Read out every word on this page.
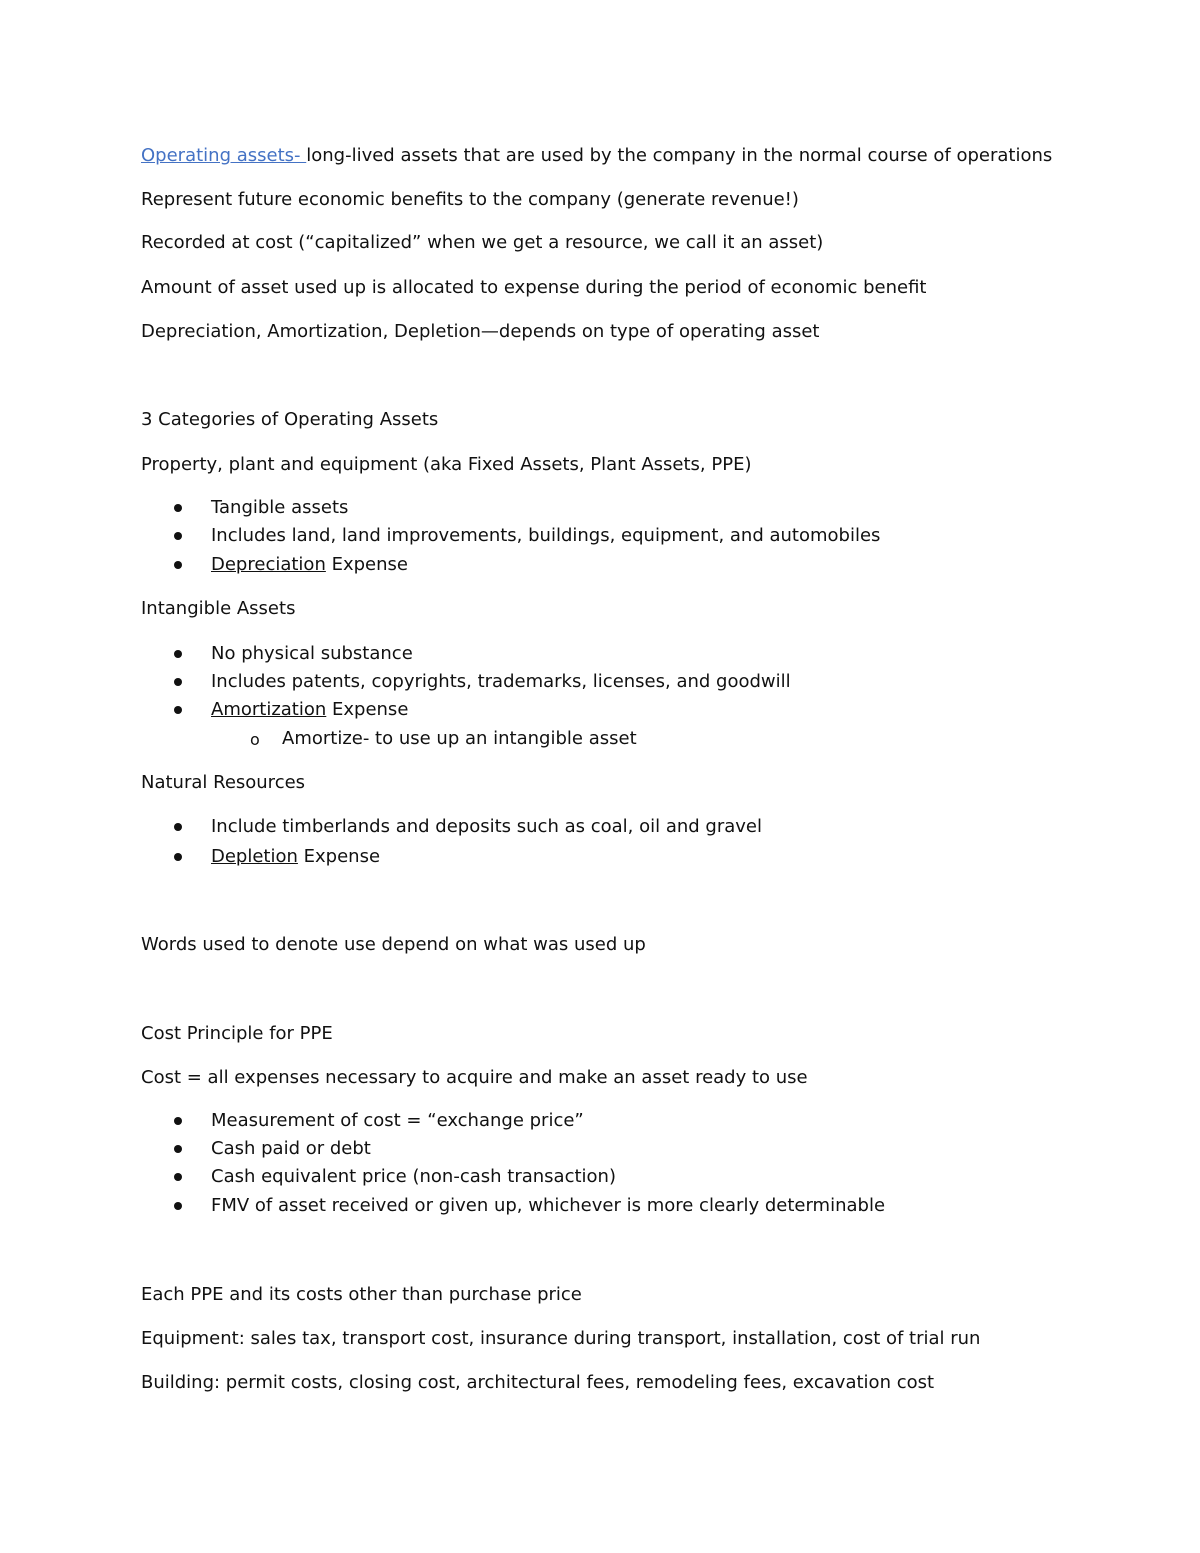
Operating assets- long-lived assets that are used by the company in the normal course of operations
Represent future economic benefits to the company (generate revenue!)
Recorded at cost (“capitalized” when we get a resource, we call it an asset)
Amount of asset used up is allocated to expense during the period of economic benefit
Depreciation, Amortization, Depletion—depends on type of operating asset
3 Categories of Operating Assets
Property, plant and equipment (aka Fixed Assets, Plant Assets, PPE)
Tangible assets
Includes land, land improvements, buildings, equipment, and automobiles
Depreciation Expense
Intangible Assets
No physical substance
Includes patents, copyrights, trademarks, licenses, and goodwill
Amortization Expense
o Amortize- to use up an intangible asset
Natural Resources
Include timberlands and deposits such as coal, oil and gravel
Depletion Expense
Words used to denote use depend on what was used up
Cost Principle for PPE
Cost = all expenses necessary to acquire and make an asset ready to use
Measurement of cost = “exchange price”
Cash paid or debt
Cash equivalent price (non-cash transaction)
FMV of asset received or given up, whichever is more clearly determinable
Each PPE and its costs other than purchase price
Equipment: sales tax, transport cost, insurance during transport, installation, cost of trial run
Building: permit costs, closing cost, architectural fees, remodeling fees, excavation cost
